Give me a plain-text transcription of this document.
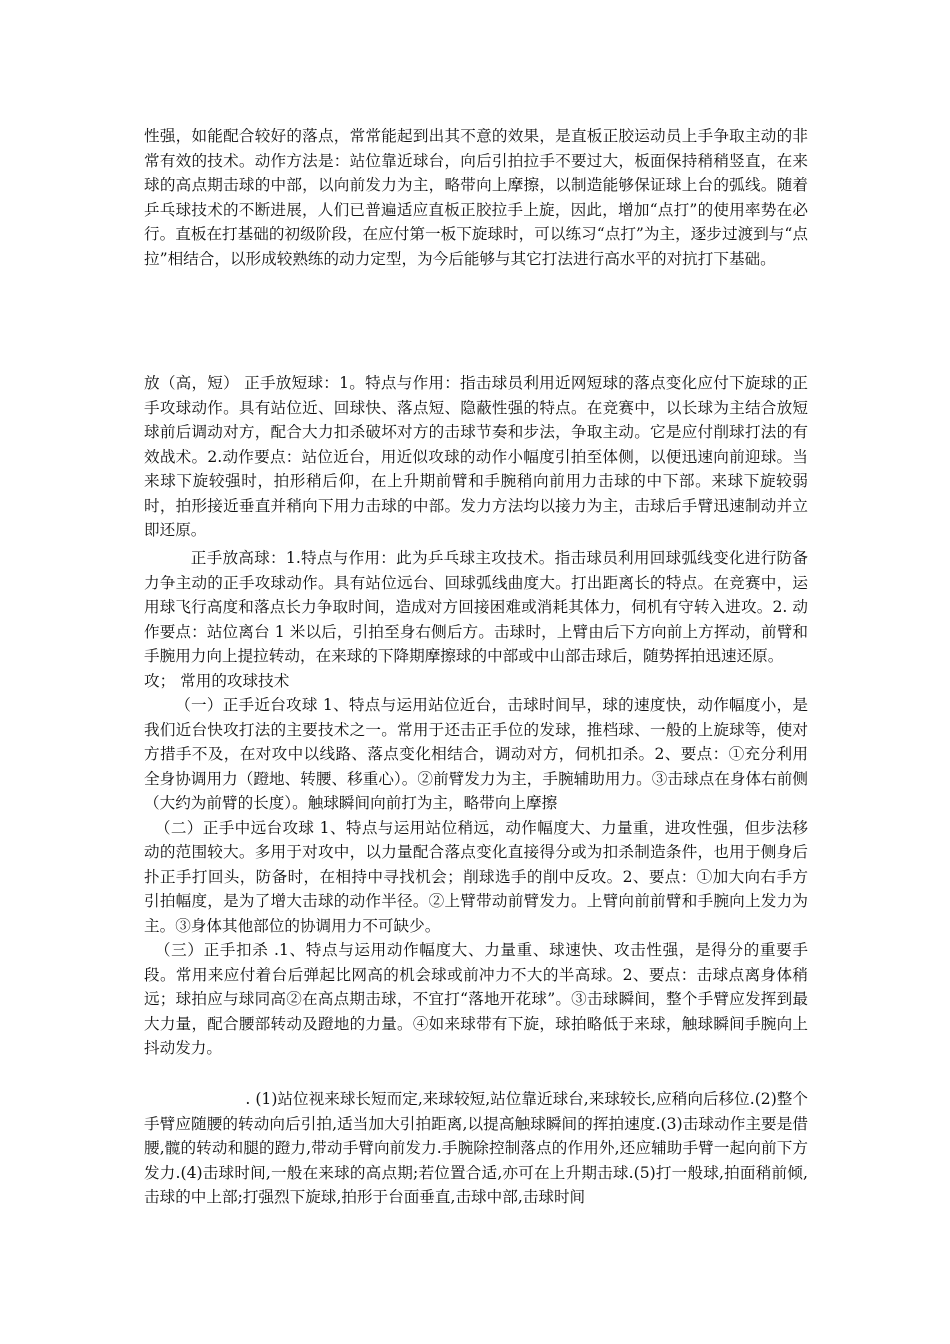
性强，如能配合较好的落点，常常能起到出其不意的效果，是直板正胶运动员上手争取主动的非常有效的技术。动作方法是：站位靠近球台，向后引拍拉手不要过大，板面保持稍稍竖直，在来球的高点期击球的中部，以向前发力为主，略带向上摩擦，以制造能够保证球上台的弧线。随着乒乓球技术的不断进展，人们已普遍适应直板正胶拉手上旋，因此，增加“点打”的使用率势在必行。直板在打基础的初级阶段，在应付第一板下旋球时，可以练习“点打”为主，逐步过渡到与“点拉”相结合，以形成较熟练的动力定型，为今后能够与其它打法进行高水平的对抗打下基础。

放（高，短） 正手放短球：1。特点与作用：指击球员利用近网短球的落点变化应付下旋球的正手攻球动作。具有站位近、回球快、落点短、隐蔽性强的特点。在竞赛中，以长球为主结合放短球前后调动对方，配合大力扣杀破坏对方的击球节奏和步法，争取主动。它是应付削球打法的有效战术。2.动作要点：站位近台，用近似攻球的动作小幅度引拍至体侧，以便迅速向前迎球。当来球下旋较强时，拍形稍后仰，在上升期前臂和手腕稍向前用力击球的中下部。来球下旋较弱时，拍形接近垂直并稍向下用力击球的中部。发力方法均以接力为主，击球后手臂迅速制动并立即还原。

正手放高球：1.特点与作用：此为乒乓球主攻技术。指击球员利用回球弧线变化进行防备力争主动的正手攻球动作。具有站位远台、回球弧线曲度大。打出距离长的特点。在竞赛中，运用球飞行高度和落点长力争取时间，造成对方回接困难或消耗其体力，伺机有守转入进攻。2. 动作要点：站位离台 1 米以后，引拍至身右侧后方。击球时，上臂由后下方向前上方挥动，前臂和手腕用力向上提拉转动，在来球的下降期摩擦球的中部或中山部击球后，随势挥拍迅速还原。

攻； 常用的攻球技术

（一）正手近台攻球 1、特点与运用站位近台，击球时间早，球的速度快，动作幅度小，是我们近台快攻打法的主要技术之一。常用于还击正手位的发球，推档球、一般的上旋球等，使对方措手不及，在对攻中以线路、落点变化相结合，调动对方，伺机扣杀。2、要点：①充分利用全身协调用力（蹬地、转腰、移重心）。②前臂发力为主，手腕辅助用力。③击球点在身体右前侧（大约为前臂的长度）。触球瞬间向前打为主，略带向上摩擦

（二）正手中远台攻球 1、特点与运用站位稍远，动作幅度大、力量重，进攻性强，但步法移动的范围较大。多用于对攻中，以力量配合落点变化直接得分或为扣杀制造条件，也用于侧身后扑正手打回头，防备时，在相持中寻找机会；削球选手的削中反攻。2、要点：①加大向右手方引拍幅度，是为了增大击球的动作半径。②上臂带动前臂发力。上臂向前前臂和手腕向上发力为主。③身体其他部位的协调用力不可缺少。

（三）正手扣杀 .1、特点与运用动作幅度大、力量重、球速快、攻击性强，是得分的重要手段。常用来应付着台后弹起比网高的机会球或前冲力不大的半高球。2、要点：击球点离身体稍远；球拍应与球同高②在高点期击球，不宜打“落地开花球”。③击球瞬间，整个手臂应发挥到最大力量，配合腰部转动及蹬地的力量。④如来球带有下旋，球拍略低于来球，触球瞬间手腕向上抖动发力。

. (1)站位视来球长短而定,来球较短,站位靠近球台,来球较长,应稍向后移位.(2)整个手臂应随腰的转动向后引拍,适当加大引拍距离,以提高触球瞬间的挥拍速度.(3)击球动作主要是借腰,髋的转动和腿的蹬力,带动手臂向前发力.手腕除控制落点的作用外,还应辅助手臂一起向前下方发力.(4)击球时间,一般在来球的高点期;若位置合适,亦可在上升期击球.(5)打一般球,拍面稍前倾,击球的中上部;打强烈下旋球,拍形于台面垂直,击球中部,击球时间
